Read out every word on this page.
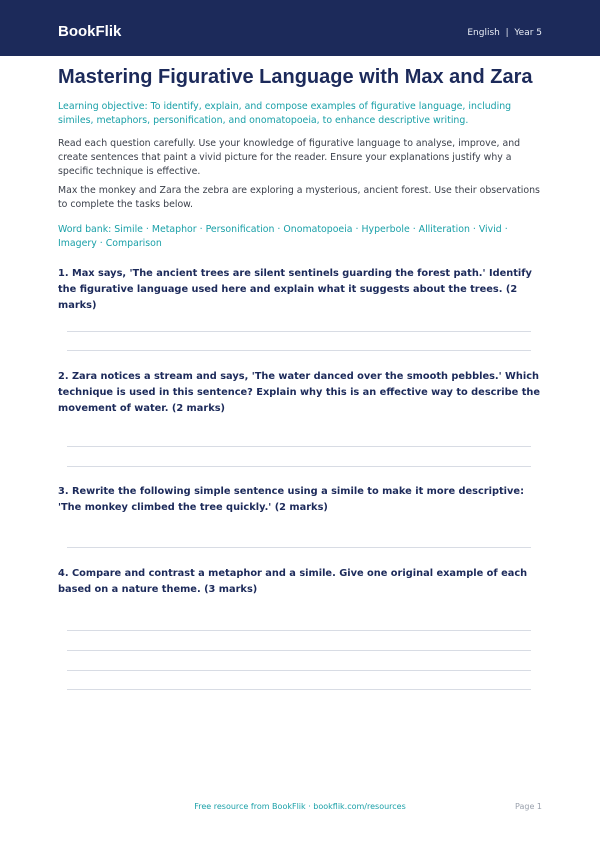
BookFlik	English  |  Year 5
Mastering Figurative Language with Max and Zara

Learning objective: To identify, explain, and compose examples of figurative language, including similes, metaphors, personification, and onomatopoeia, to enhance descriptive writing.

Read each question carefully. Use your knowledge of figurative language to analyse, improve, and create sentences that paint a vivid picture for the reader. Ensure your explanations justify why a specific technique is effective.

Max the monkey and Zara the zebra are exploring a mysterious, ancient forest. Use their observations to complete the tasks below.

Word bank: Simile · Metaphor · Personification · Onomatopoeia · Hyperbole · Alliteration · Vivid · Imagery · Comparison

1. Max says, 'The ancient trees are silent sentinels guarding the forest path.' Identify the figurative language used here and explain what it suggests about the trees. (2 marks)

2. Zara notices a stream and says, 'The water danced over the smooth pebbles.' Which technique is used in this sentence? Explain why this is an effective way to describe the movement of water. (2 marks)

3. Rewrite the following simple sentence using a simile to make it more descriptive: 'The monkey climbed the tree quickly.' (2 marks)

4. Compare and contrast a metaphor and a simile. Give one original example of each based on a nature theme. (3 marks)

Free resource from BookFlik · bookflik.com/resources	Page 1
